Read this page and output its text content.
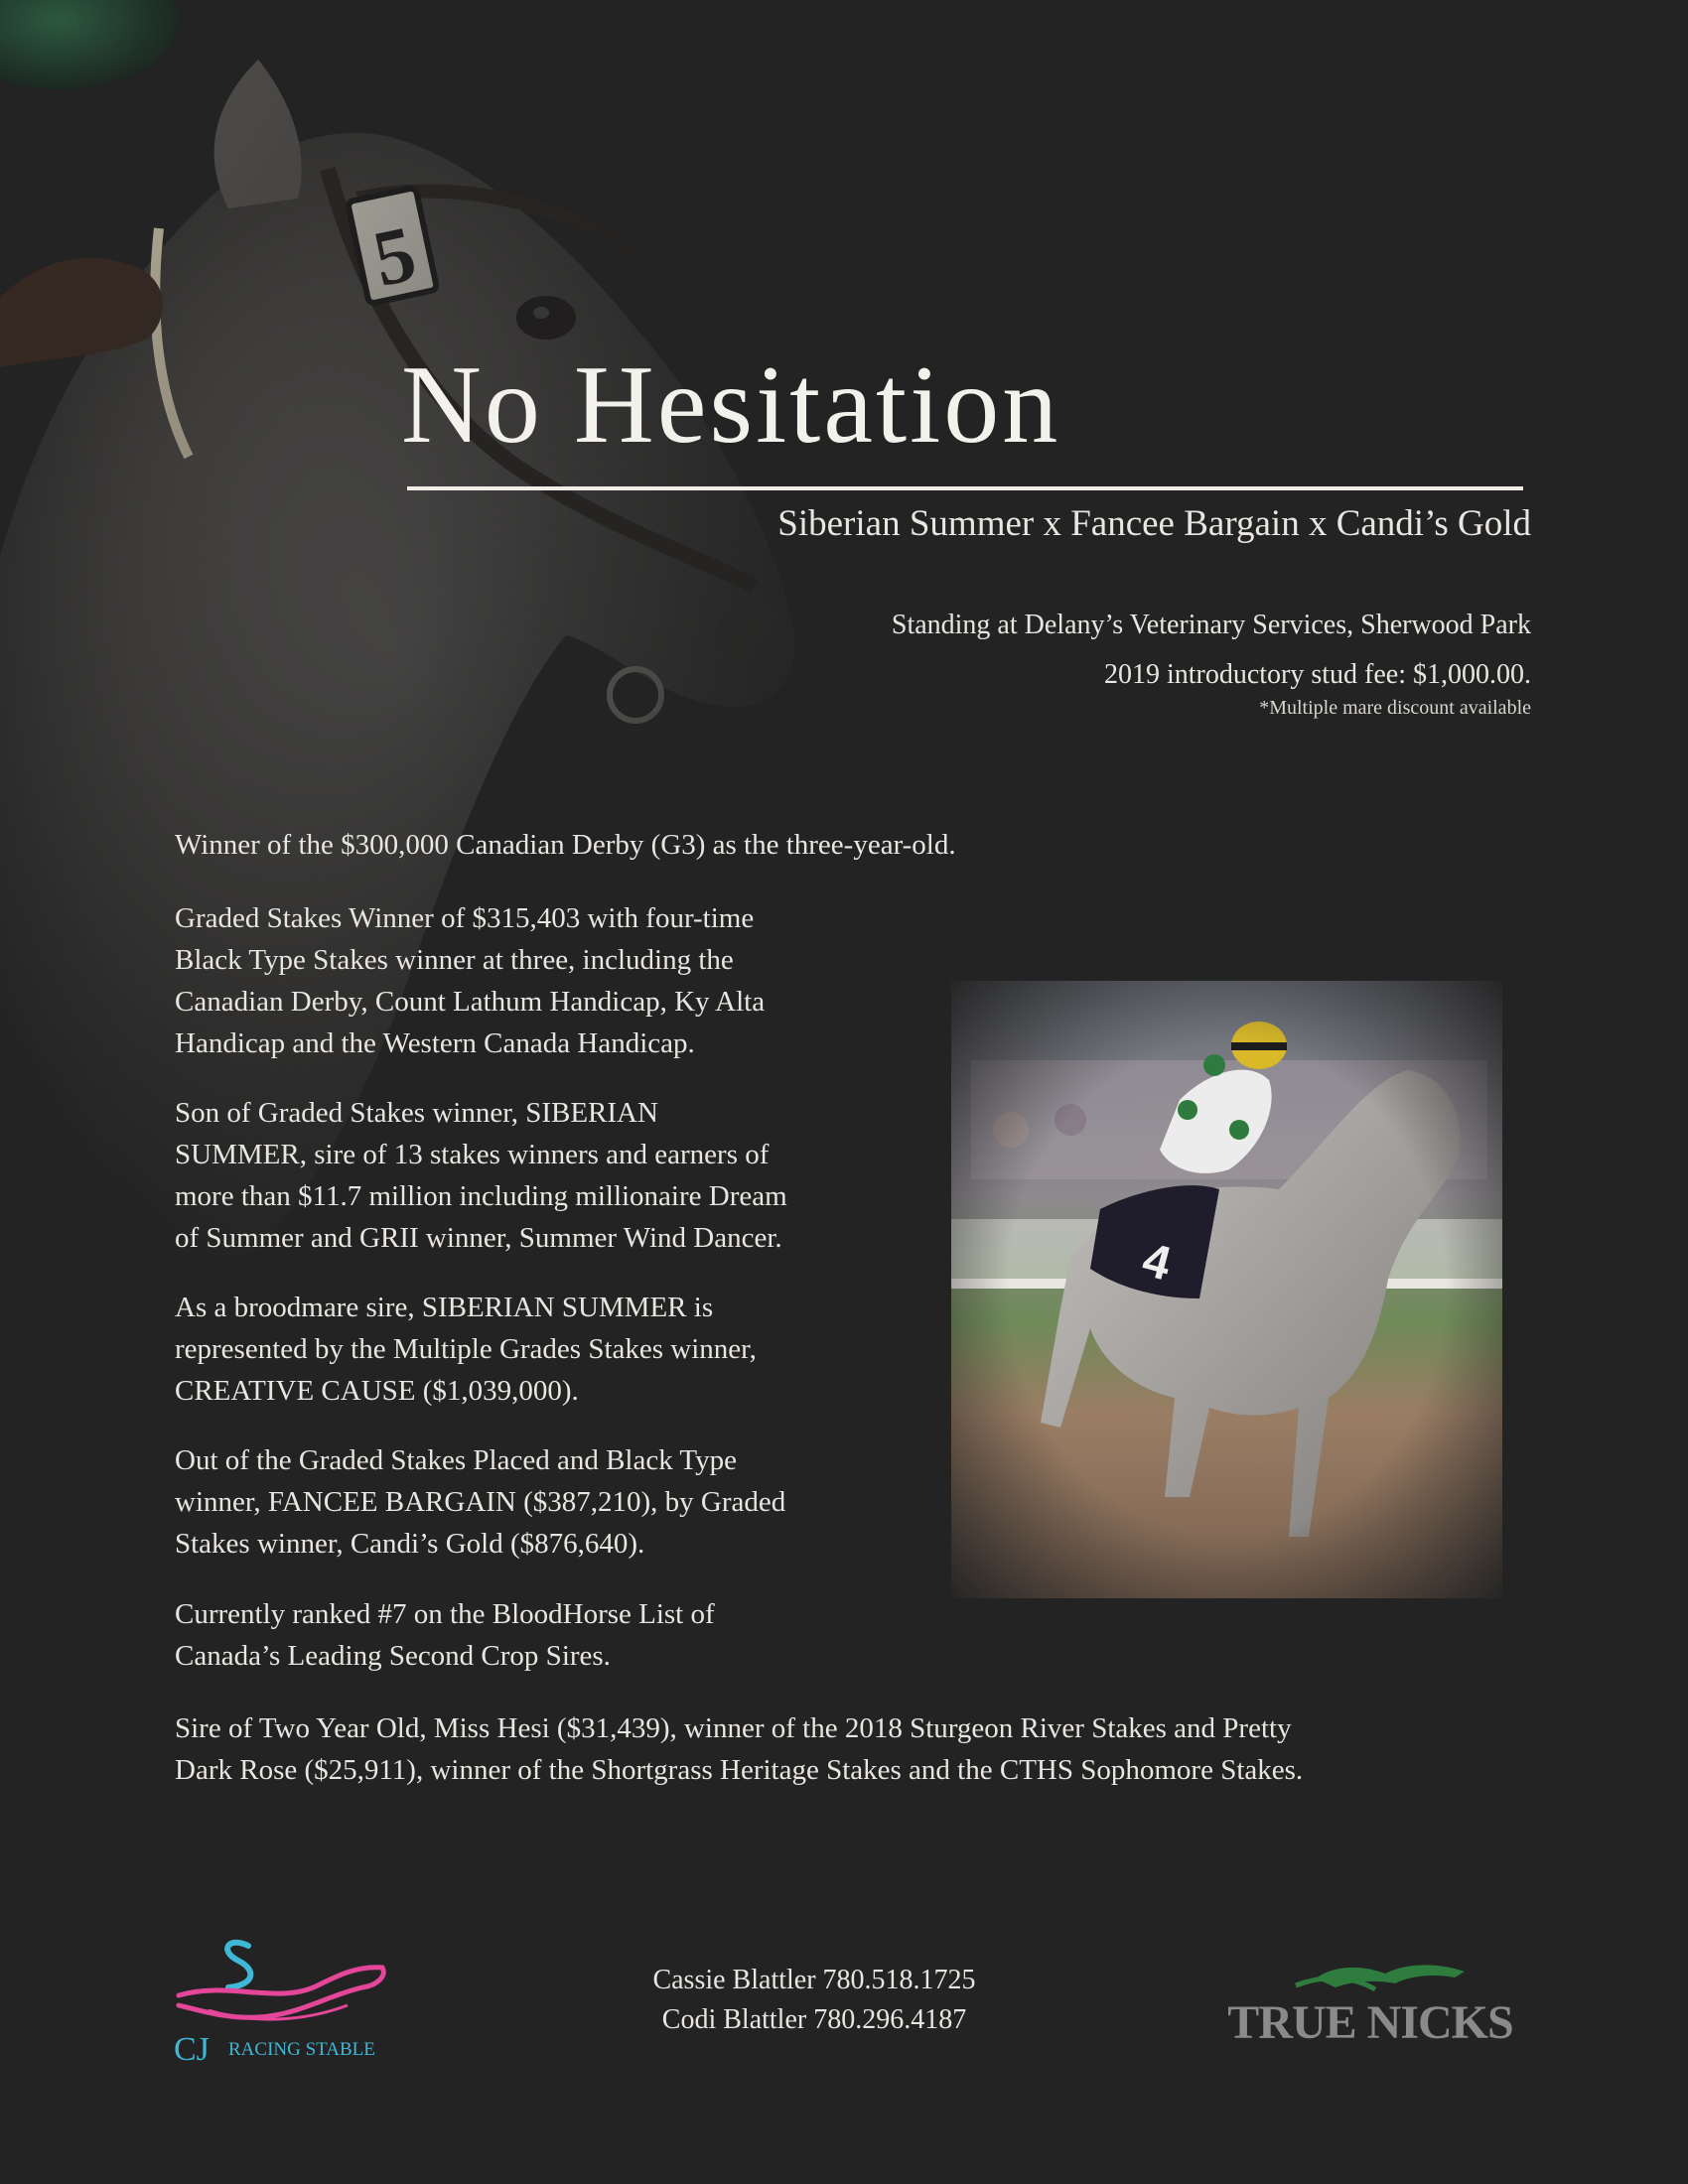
No Hesitation
Siberian Summer x Fancee Bargain x Candi’s Gold
Standing at Delany’s Veterinary Services, Sherwood Park
2019 introductory stud fee: $1,000.00.
*Multiple mare discount available

Winner of the $300,000 Canadian Derby (G3) as the three-year-old.

Graded Stakes Winner of $315,403 with four-time
Black Type Stakes winner at three, including the
Canadian Derby, Count Lathum Handicap, Ky Alta
Handicap and the Western Canada Handicap.

Son of Graded Stakes winner, SIBERIAN
SUMMER, sire of 13 stakes winners and earners of
more than $11.7 million including millionaire Dream
of Summer and GRII winner, Summer Wind Dancer.

As a broodmare sire, SIBERIAN SUMMER is
represented by the Multiple Grades Stakes winner,
CREATIVE CAUSE ($1,039,000).

Out of the Graded Stakes Placed and Black Type
winner, FANCEE BARGAIN ($387,210), by Graded
Stakes winner, Candi’s Gold ($876,640).

Currently ranked #7 on the BloodHorse List of
Canada’s Leading Second Crop Sires.

Sire of Two Year Old, Miss Hesi ($31,439), winner of the 2018 Sturgeon River Stakes and Pretty
Dark Rose ($25,911), winner of the Shortgrass Heritage Stakes and the CTHS Sophomore Stakes.

CJ RACING STABLE
Cassie Blattler 780.518.1725
Codi Blattler 780.296.4187	TRUE NICKS
